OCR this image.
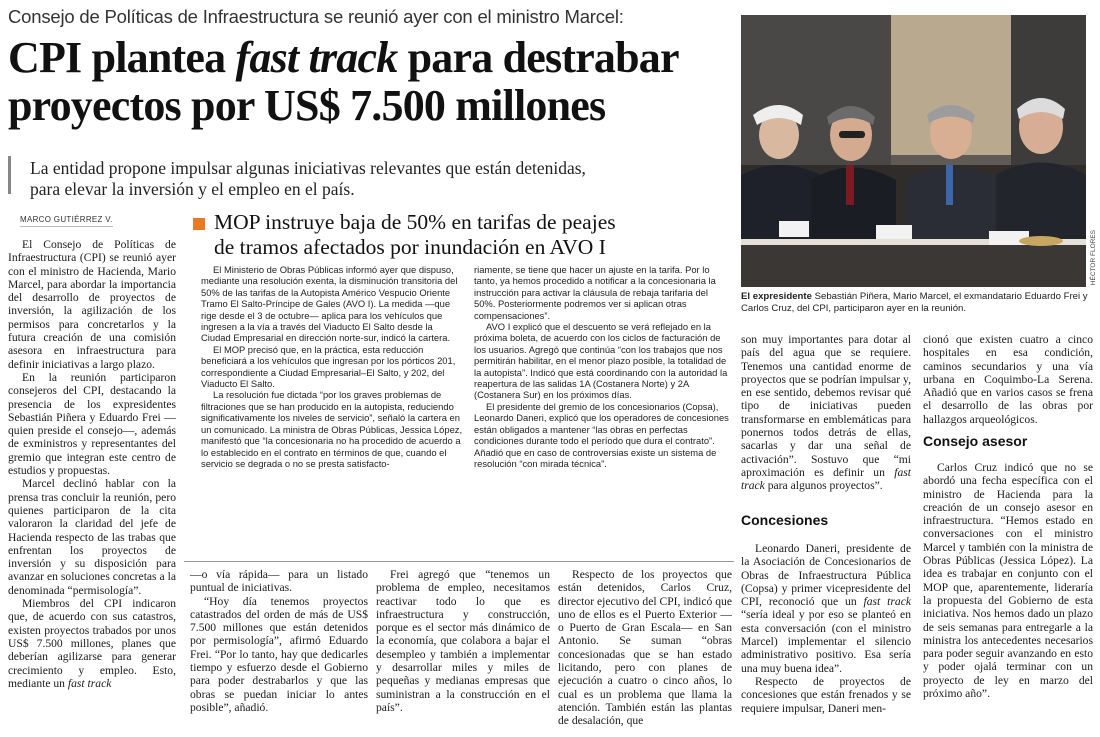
Consejo de Políticas de Infraestructura se reunió ayer con el ministro Marcel:
CPI plantea fast track para destrabar
proyectos por US$ 7.500 millones
La entidad propone impulsar algunas iniciativas relevantes que están detenidas,
para elevar la inversión y el empleo en el país.
MARCO GUTIÉRREZ V.

El Consejo de Políticas de Infraestructura (CPI) se reunió ayer con el ministro de Hacienda, Mario Marcel, para abordar la importancia del desarrollo de proyectos de inversión, la agilización de los permisos para concretarlos y la futura creación de una comisión asesora en infraestructura para definir iniciativas a largo plazo.

En la reunión participaron consejeros del CPI, destacando la presencia de los expresidentes Sebastián Piñera y Eduardo Frei —quien preside el consejo—, además de exministros y representantes del gremio que integran este centro de estudios y propuestas.

Marcel declinó hablar con la prensa tras concluir la reunión, pero quienes participaron de la cita valoraron la claridad del jefe de Hacienda respecto de las trabas que enfrentan los proyectos de inversión y su disposición para avanzar en soluciones concretas a la denominada “permisología”.

Miembros del CPI indicaron que, de acuerdo con sus catastros, existen proyectos trabados por unos US$ 7.500 millones, planes que deberían agilizarse para generar crecimiento y empleo. Esto, mediante un fast track

MOP instruye baja de 50% en tarifas de peajes
de tramos afectados por inundación en AVO I

El Ministerio de Obras Públicas informó ayer que dispuso, mediante una resolución exenta, la disminución transitoria del 50% de las tarifas de la Autopista Américo Vespucio Oriente Tramo El Salto-Príncipe de Gales (AVO I). La medida —que rige desde el 3 de octubre— aplica para los vehículos que ingresen a la vía a través del Viaducto El Salto desde la Ciudad Empresarial en dirección norte-sur, indicó la cartera.

El MOP precisó que, en la práctica, esta reducción beneficiará a los vehículos que ingresan por los pórticos 201, correspondiente a Ciudad Empresarial–El Salto, y 202, del Viaducto El Salto.

La resolución fue dictada “por los graves problemas de filtraciones que se han producido en la autopista, reduciendo significativamente los niveles de servicio”, señaló la cartera en un comunicado. La ministra de Obras Públicas, Jessica López, manifestó que “la concesionaria no ha procedido de acuerdo a lo establecido en el contrato en términos de que, cuando el servicio se degrada o no se presta satisfacto-

riamente, se tiene que hacer un ajuste en la tarifa. Por lo tanto, ya hemos procedido a notificar a la concesionaria la instrucción para activar la cláusula de rebaja tarifaria del 50%. Posteriormente podremos ver si aplican otras compensaciones”.

AVO I explicó que el descuento se verá reflejado en la próxima boleta, de acuerdo con los ciclos de facturación de los usuarios. Agregó que continúa “con los trabajos que nos permitirán habilitar, en el menor plazo posible, la totalidad de la autopista”. Indicó que está coordinando con la autoridad la reapertura de las salidas 1A (Costanera Norte) y 2A (Costanera Sur) en los próximos días.

El presidente del gremio de los concesionarios (Copsa), Leonardo Daneri, explicó que los operadores de concesiones están obligados a mantener “las obras en perfectas condiciones durante todo el período que dura el contrato”. Añadió que en caso de controversias existe un sistema de resolución “con mirada técnica”.

—o vía rápida— para un listado puntual de iniciativas.

“Hoy día tenemos proyectos catastrados del orden de más de US$ 7.500 millones que están detenidos por permisología”, afirmó Eduardo Frei. “Por lo tanto, hay que dedicarles tiempo y esfuerzo desde el Gobierno para poder destrabarlos y que las obras se puedan iniciar lo antes posible”, añadió.

Frei agregó que “tenemos un problema de empleo, necesitamos reactivar todo lo que es infraestructura y construcción, porque es el sector más dinámico de la economía, que colabora a bajar el desempleo y también a implementar y desarrollar miles y miles de pequeñas y medianas empresas que suministran a la construcción en el país”.

Respecto de los proyectos que están detenidos, Carlos Cruz, director ejecutivo del CPI, indicó que uno de ellos es el Puerto Exterior —o Puerto de Gran Escala— en San Antonio. Se suman “obras concesionadas que se han estado licitando, pero con planes de ejecución a cuatro o cinco años, lo cual es un problema que llama la atención. También están las plantas de desalación, que

HÉCTOR FLORES
El expresidente Sebastián Piñera, Mario Marcel, el exmandatario Eduardo Frei y Carlos Cruz, del CPI, participaron ayer en la reunión.

son muy importantes para dotar al país del agua que se requiere. Tenemos una cantidad enorme de proyectos que se podrían impulsar y, en ese sentido, debemos revisar qué tipo de iniciativas pueden transformarse en emblemáticas para ponernos todos detrás de ellas, sacarlas y dar una señal de activación”. Sostuvo que “mi aproximación es definir un fast track para algunos proyectos”.

Concesiones

Leonardo Daneri, presidente de la Asociación de Concesionarios de Obras de Infraestructura Pública (Copsa) y primer vicepresidente del CPI, reconoció que un fast track “sería ideal y por eso se planteó en esta conversación (con el ministro Marcel) implementar el silencio administrativo positivo. Esa sería una muy buena idea”.

Respecto de proyectos de concesiones que están frenados y se requiere impulsar, Daneri men-

cionó que existen cuatro a cinco hospitales en esa condición, caminos secundarios y una vía urbana en Coquimbo-La Serena. Añadió que en varios casos se frena el desarrollo de las obras por hallazgos arqueológicos.

Consejo asesor

Carlos Cruz indicó que no se abordó una fecha específica con el ministro de Hacienda para la creación de un consejo asesor en infraestructura. “Hemos estado en conversaciones con el ministro Marcel y también con la ministra de Obras Públicas (Jessica López). La idea es trabajar en conjunto con el MOP que, aparentemente, lideraría la propuesta del Gobierno de esta iniciativa. Nos hemos dado un plazo de seis semanas para entregarle a la ministra los antecedentes necesarios para poder seguir avanzando en esto y poder ojalá terminar con un proyecto de ley en marzo del próximo año”.
